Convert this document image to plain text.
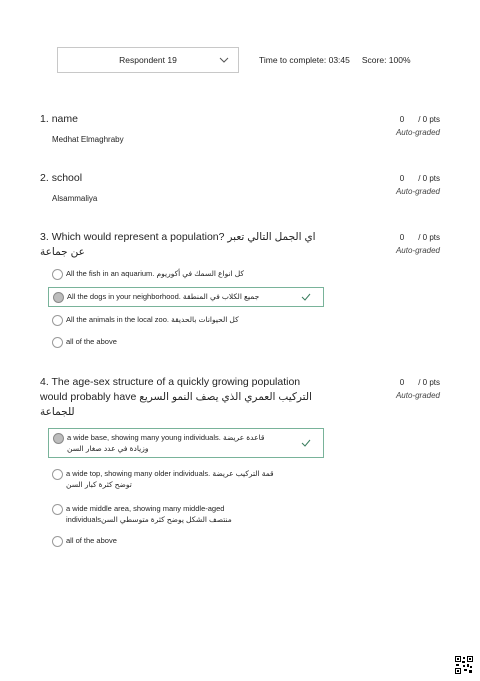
Respondent 19	Time to complete: 03:45 Score: 100%
1. name
Medhat Elmaghraby
0 / 0 pts
Auto-graded
2. school
Alsammaliya
0 / 0 pts
Auto-graded
3. Which would represent a population? اي الجمل التالي تعبر عن جماعة
0 / 0 pts
Auto-graded
All the fish in an aquarium. كل انواع السمك في أكوريوم
All the dogs in your neighborhood. جميع الكلاب في المنطقة
All the animals in the local zoo. كل الحيوانات بالحديقة
all of the above
4. The age-sex structure of a quickly growing population would probably have التركيب العمري الذي يصف النمو السريع للجماعة
0 / 0 pts
Auto-graded
a wide base, showing many young individuals. قاعدة عريضة
وزيادة في عدد صغار السن
a wide top, showing many older individuals. قمة التركيب عريضة
توضح كثرة كبار السن
a wide middle area, showing many middle-aged
individualsمنتصف الشكل يوضح كثرة متوسطي السن
all of the above
